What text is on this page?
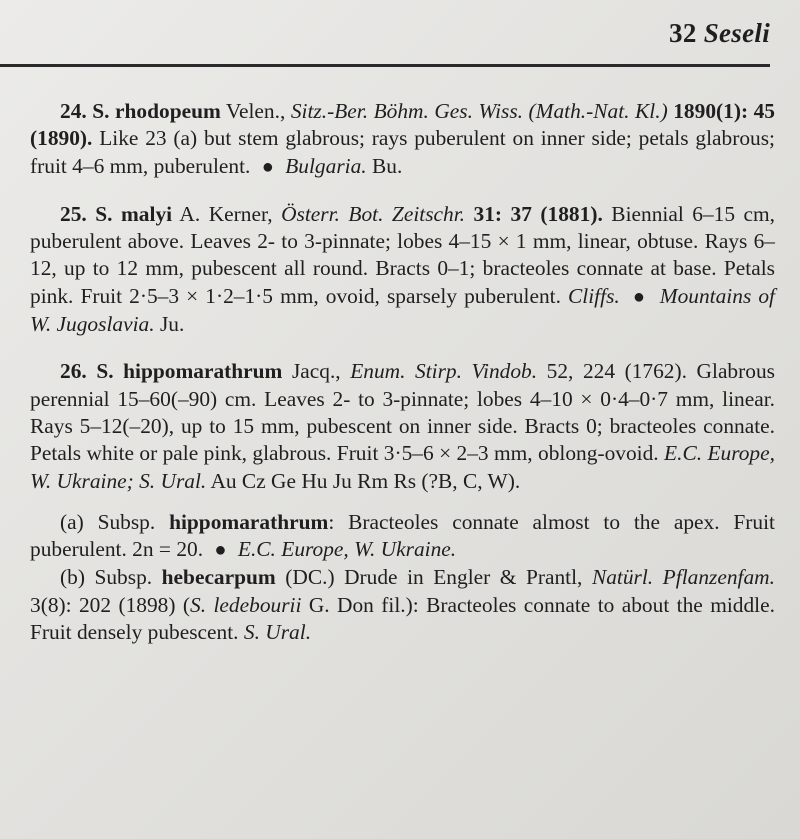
32 Seseli

24. S. rhodopeum Velen., Sitz.-Ber. Böhm. Ges. Wiss. (Math.-Nat. Kl.) 1890(1): 45 (1890). Like 23 (a) but stem glabrous; rays puberulent on inner side; petals glabrous; fruit 4–6 mm, puberulent. ● Bulgaria. Bu.

25. S. malyi A. Kerner, Österr. Bot. Zeitschr. 31: 37 (1881). Biennial 6–15 cm, puberulent above. Leaves 2- to 3-pinnate; lobes 4–15 × 1 mm, linear, obtuse. Rays 6–12, up to 12 mm, pubescent all round. Bracts 0–1; bracteoles connate at base. Petals pink. Fruit 2·5–3 × 1·2–1·5 mm, ovoid, sparsely puberulent. Cliffs. ● Mountains of W. Jugoslavia. Ju.

26. S. hippomarathrum Jacq., Enum. Stirp. Vindob. 52, 224 (1762). Glabrous perennial 15–60(–90) cm. Leaves 2- to 3-pinnate; lobes 4–10 × 0·4–0·7 mm, linear. Rays 5–12(–20), up to 15 mm, pubescent on inner side. Bracts 0; bracteoles connate. Petals white or pale pink, glabrous. Fruit 3·5–6 × 2–3 mm, oblong-ovoid. E.C. Europe, W. Ukraine; S. Ural. Au Cz Ge Hu Ju Rm Rs (?B, C, W).

(a) Subsp. hippomarathrum: Bracteoles connate almost to the apex. Fruit puberulent. 2n = 20. ● E.C. Europe, W. Ukraine.

(b) Subsp. hebecarpum (DC.) Drude in Engler & Prantl, Natürl. Pflanzenfam. 3(8): 202 (1898) (S. ledebourii G. Don fil.): Bracteoles connate to about the middle. Fruit densely pubescent. S. Ural.
